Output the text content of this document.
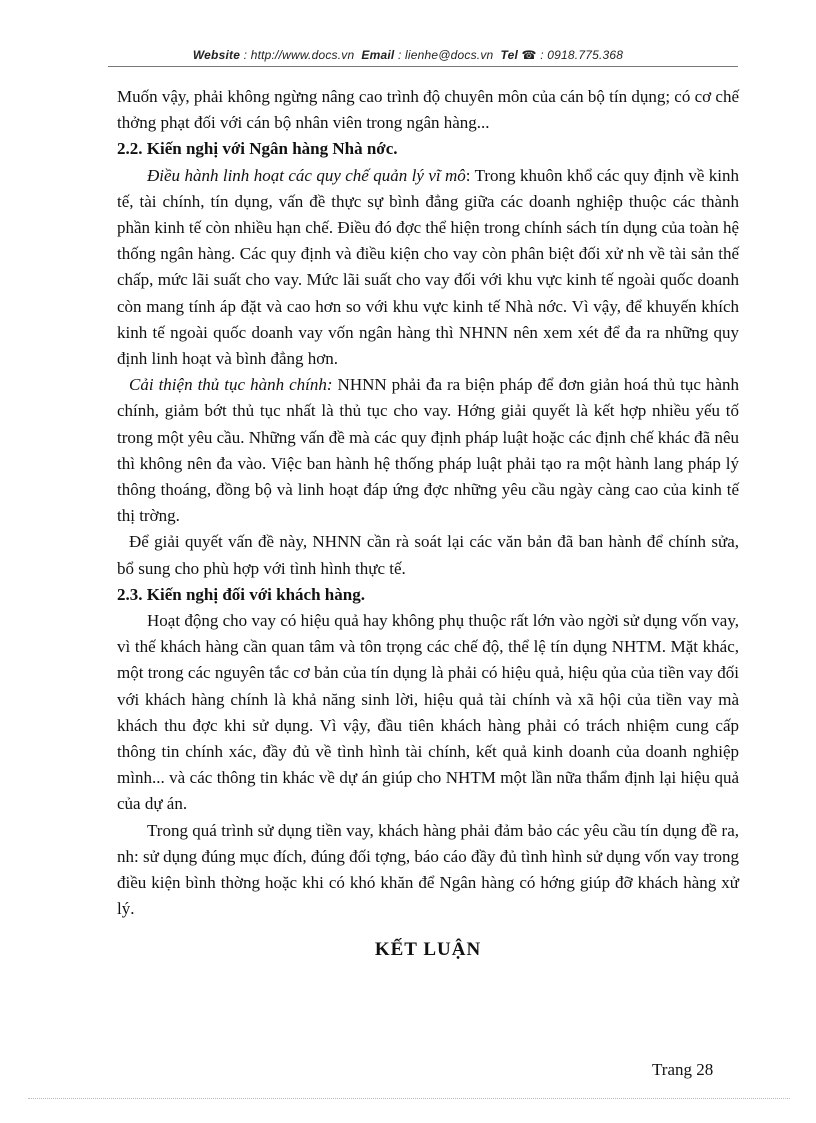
Website : http://www.docs.vn Email : lienhe@docs.vn Tel ☎ : 0918.775.368

Muốn vậy, phải không ngừng nâng cao trình độ chuyên môn của cán bộ tín dụng; có cơ chế thởng phạt đối với cán bộ nhân viên trong ngân hàng...

2.2. Kiến nghị với Ngân hàng Nhà nớc.

Điều hành linh hoạt các quy chế quản lý vĩ mô: Trong khuôn khổ các quy định về kinh tế, tài chính, tín dụng, vấn đề thực sự bình đẳng giữa các doanh nghiệp thuộc các thành phần kinh tế còn nhiều hạn chế. Điều đó đợc thể hiện trong chính sách tín dụng của toàn hệ thống ngân hàng. Các quy định và điều kiện cho vay còn phân biệt đối xử nh về tài sản thế chấp, mức lãi suất cho vay. Mức lãi suất cho vay đối với khu vực kinh tế ngoài quốc doanh còn mang tính áp đặt và cao hơn so với khu vực kinh tế Nhà nớc. Vì vậy, để khuyến khích kinh tế ngoài quốc doanh vay vốn ngân hàng thì NHNN nên xem xét để đa ra những quy định linh hoạt và bình đẳng hơn.

Cải thiện thủ tục hành chính: NHNN phải đa ra biện pháp để đơn giản hoá thủ tục hành chính, giảm bớt thủ tục nhất là thủ tục cho vay. Hớng giải quyết là kết hợp nhiều yếu tố trong một yêu cầu. Những vấn đề mà các quy định pháp luật hoặc các định chế khác đã nêu thì không nên đa vào. Việc ban hành hệ thống pháp luật phải tạo ra một hành lang pháp lý thông thoáng, đồng bộ và linh hoạt đáp ứng đợc những yêu cầu ngày càng cao của kinh tế thị trờng.

Để giải quyết vấn đề này, NHNN cần rà soát lại các văn bản đã ban hành để chính sửa, bổ sung cho phù hợp với tình hình thực tế.

2.3. Kiến nghị đối với khách hàng.

Hoạt động cho vay có hiệu quả hay không phụ thuộc rất lớn vào ngời sử dụng vốn vay, vì thế khách hàng cần quan tâm và tôn trọng các chế độ, thể lệ tín dụng NHTM. Mặt khác, một trong các nguyên tắc cơ bản của tín dụng là phải có hiệu quả, hiệu qủa của tiền vay đối với khách hàng chính là khả năng sinh lời, hiệu quả tài chính và xã hội của tiền vay mà khách thu đợc khi sử dụng. Vì vậy, đầu tiên khách hàng phải có trách nhiệm cung cấp thông tin chính xác, đầy đủ về tình hình tài chính, kết quả kinh doanh của doanh nghiệp mình... và các thông tin khác về dự án giúp cho NHTM một lần nữa thẩm định lại hiệu quả của dự án.

Trong quá trình sử dụng tiền vay, khách hàng phải đảm bảo các yêu cầu tín dụng đề ra, nh: sử dụng đúng mục đích, đúng đối tợng, báo cáo đầy đủ tình hình sử dụng vốn vay trong điều kiện bình thờng hoặc khi có khó khăn để Ngân hàng có hớng giúp đỡ khách hàng xử lý.

KẾT LUẬN

Trang 28
